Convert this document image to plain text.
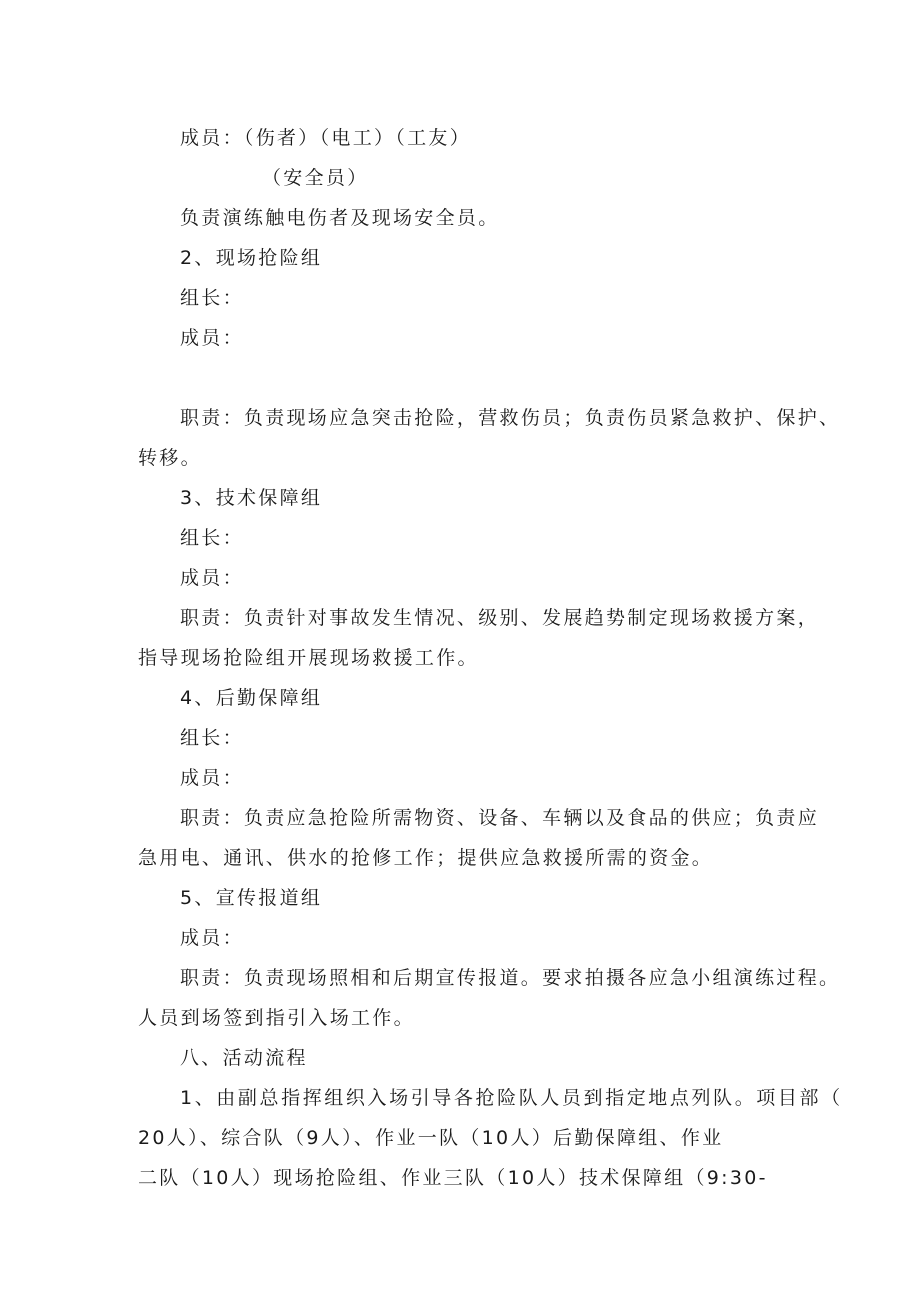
成员：（伤者）（电工）（工友）
（安全员）
负责演练触电伤者及现场安全员。
2、现场抢险组
组长：
成员：
职责：负责现场应急突击抢险，营救伤员；负责伤员紧急救护、保护、
转移。
3、技术保障组
组长：
成员：
职责：负责针对事故发生情况、级别、发展趋势制定现场救援方案，
指导现场抢险组开展现场救援工作。
4、后勤保障组
组长：
成员：
职责：负责应急抢险所需物资、设备、车辆以及食品的供应；负责应
急用电、通讯、供水的抢修工作；提供应急救援所需的资金。
5、宣传报道组
成员：
职责：负责现场照相和后期宣传报道。要求拍摄各应急小组演练过程。
人员到场签到指引入场工作。
八、活动流程
1、由副总指挥组织入场引导各抢险队人员到指定地点列队。项目部（
20人）、综合队（9人）、作业一队（10人）后勤保障组、作业
二队（10人）现场抢险组、作业三队（10人）技术保障组（9:30-
